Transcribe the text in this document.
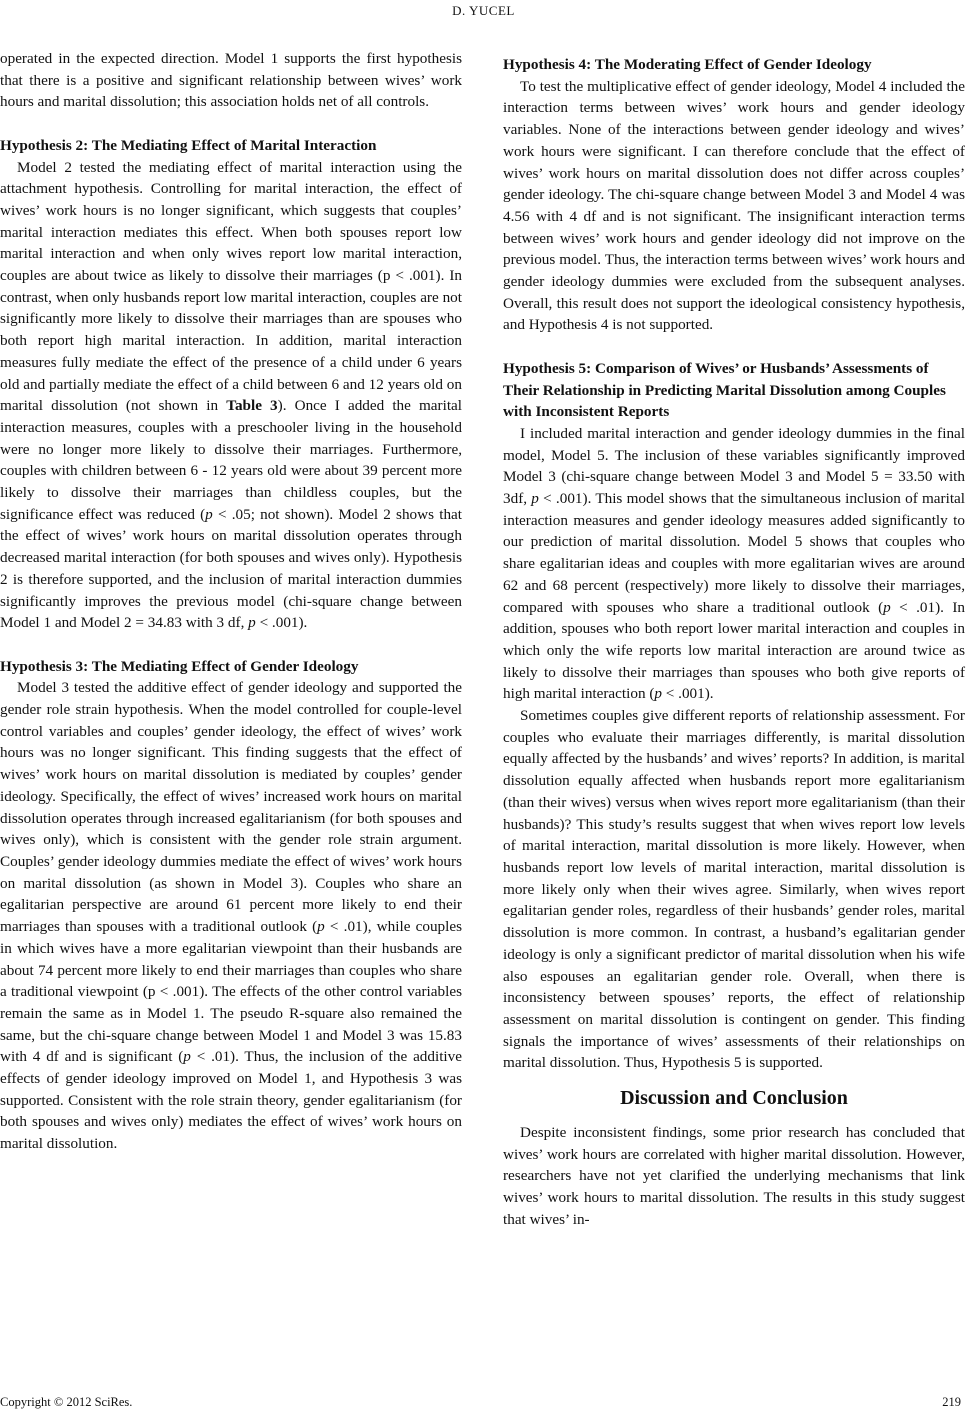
D. YUCEL

operated in the expected direction. Model 1 supports the first hypothesis that there is a positive and significant relationship between wives’ work hours and marital dissolution; this association holds net of all controls.

Hypothesis 2: The Mediating Effect of Marital Interaction

Model 2 tested the mediating effect of marital interaction using the attachment hypothesis. Controlling for marital interaction, the effect of wives’ work hours is no longer significant, which suggests that couples’ marital interaction mediates this effect. When both spouses report low marital interaction and when only wives report low marital interaction, couples are about twice as likely to dissolve their marriages (p < .001). In contrast, when only husbands report low marital interaction, couples are not significantly more likely to dissolve their marriages than are spouses who both report high marital interaction. In addition, marital interaction measures fully mediate the effect of the presence of a child under 6 years old and partially mediate the effect of a child between 6 and 12 years old on marital dissolution (not shown in Table 3). Once I added the marital interaction measures, couples with a preschooler living in the household were no longer more likely to dissolve their marriages. Furthermore, couples with children between 6 - 12 years old were about 39 percent more likely to dissolve their marriages than childless couples, but the significance effect was reduced (p < .05; not shown). Model 2 shows that the effect of wives’ work hours on marital dissolution operates through decreased marital interaction (for both spouses and wives only). Hypothesis 2 is therefore supported, and the inclusion of marital interaction dummies significantly improves the previous model (chi-square change between Model 1 and Model 2 = 34.83 with 3 df, p < .001).

Hypothesis 3: The Mediating Effect of Gender Ideology

Model 3 tested the additive effect of gender ideology and supported the gender role strain hypothesis. When the model controlled for couple-level control variables and couples’ gender ideology, the effect of wives’ work hours was no longer significant. This finding suggests that the effect of wives’ work hours on marital dissolution is mediated by couples’ gender ideology. Specifically, the effect of wives’ increased work hours on marital dissolution operates through increased egalitarianism (for both spouses and wives only), which is consistent with the gender role strain argument. Couples’ gender ideology dummies mediate the effect of wives’ work hours on marital dissolution (as shown in Model 3). Couples who share an egalitarian perspective are around 61 percent more likely to end their marriages than spouses with a traditional outlook (p < .01), while couples in which wives have a more egalitarian viewpoint than their husbands are about 74 percent more likely to end their marriages than couples who share a traditional viewpoint (p < .001). The effects of the other control variables remain the same as in Model 1. The pseudo R-square also remained the same, but the chi-square change between Model 1 and Model 3 was 15.83 with 4 df and is significant (p < .01). Thus, the inclusion of the additive effects of gender ideology improved on Model 1, and Hypothesis 3 was supported. Consistent with the role strain theory, gender egalitarianism (for both spouses and wives only) mediates the effect of wives’ work hours on marital dissolution.

Hypothesis 4: The Moderating Effect of Gender Ideology

To test the multiplicative effect of gender ideology, Model 4 included the interaction terms between wives’ work hours and gender ideology variables. None of the interactions between gender ideology and wives’ work hours were significant. I can therefore conclude that the effect of wives’ work hours on marital dissolution does not differ across couples’ gender ideology. The chi-square change between Model 3 and Model 4 was 4.56 with 4 df and is not significant. The insignificant interaction terms between wives’ work hours and gender ideology did not improve on the previous model. Thus, the interaction terms between wives’ work hours and gender ideology dummies were excluded from the subsequent analyses. Overall, this result does not support the ideological consistency hypothesis, and Hypothesis 4 is not supported.

Hypothesis 5: Comparison of Wives’ or Husbands’ Assessments of Their Relationship in Predicting Marital Dissolution among Couples with Inconsistent Reports

I included marital interaction and gender ideology dummies in the final model, Model 5. The inclusion of these variables significantly improved Model 3 (chi-square change between Model 3 and Model 5 = 33.50 with 3df, p < .001). This model shows that the simultaneous inclusion of marital interaction measures and gender ideology measures added significantly to our prediction of marital dissolution. Model 5 shows that couples who share egalitarian ideas and couples with more egalitarian wives are around 62 and 68 percent (respectively) more likely to dissolve their marriages, compared with spouses who share a traditional outlook (p < .01). In addition, spouses who both report lower marital interaction and couples in which only the wife reports low marital interaction are around twice as likely to dissolve their marriages than spouses who both give reports of high marital interaction (p < .001).

Sometimes couples give different reports of relationship assessment. For couples who evaluate their marriages differently, is marital dissolution equally affected by the husbands’ and wives’ reports? In addition, is marital dissolution equally affected when husbands report more egalitarianism (than their wives) versus when wives report more egalitarianism (than their husbands)? This study’s results suggest that when wives report low levels of marital interaction, marital dissolution is more likely. However, when husbands report low levels of marital interaction, marital dissolution is more likely only when their wives agree. Similarly, when wives report egalitarian gender roles, regardless of their husbands’ gender roles, marital dissolution is more common. In contrast, a husband’s egalitarian gender ideology is only a significant predictor of marital dissolution when his wife also espouses an egalitarian gender role. Overall, when there is inconsistency between spouses’ reports, the effect of relationship assessment on marital dissolution is contingent on gender. This finding signals the importance of wives’ assessments of their relationships on marital dissolution. Thus, Hypothesis 5 is supported.

Discussion and Conclusion

Despite inconsistent findings, some prior research has concluded that wives’ work hours are correlated with higher marital dissolution. However, researchers have not yet clarified the underlying mechanisms that link wives’ work hours to marital dissolution. The results in this study suggest that wives’ in-

Copyright © 2012 SciRes.	219
